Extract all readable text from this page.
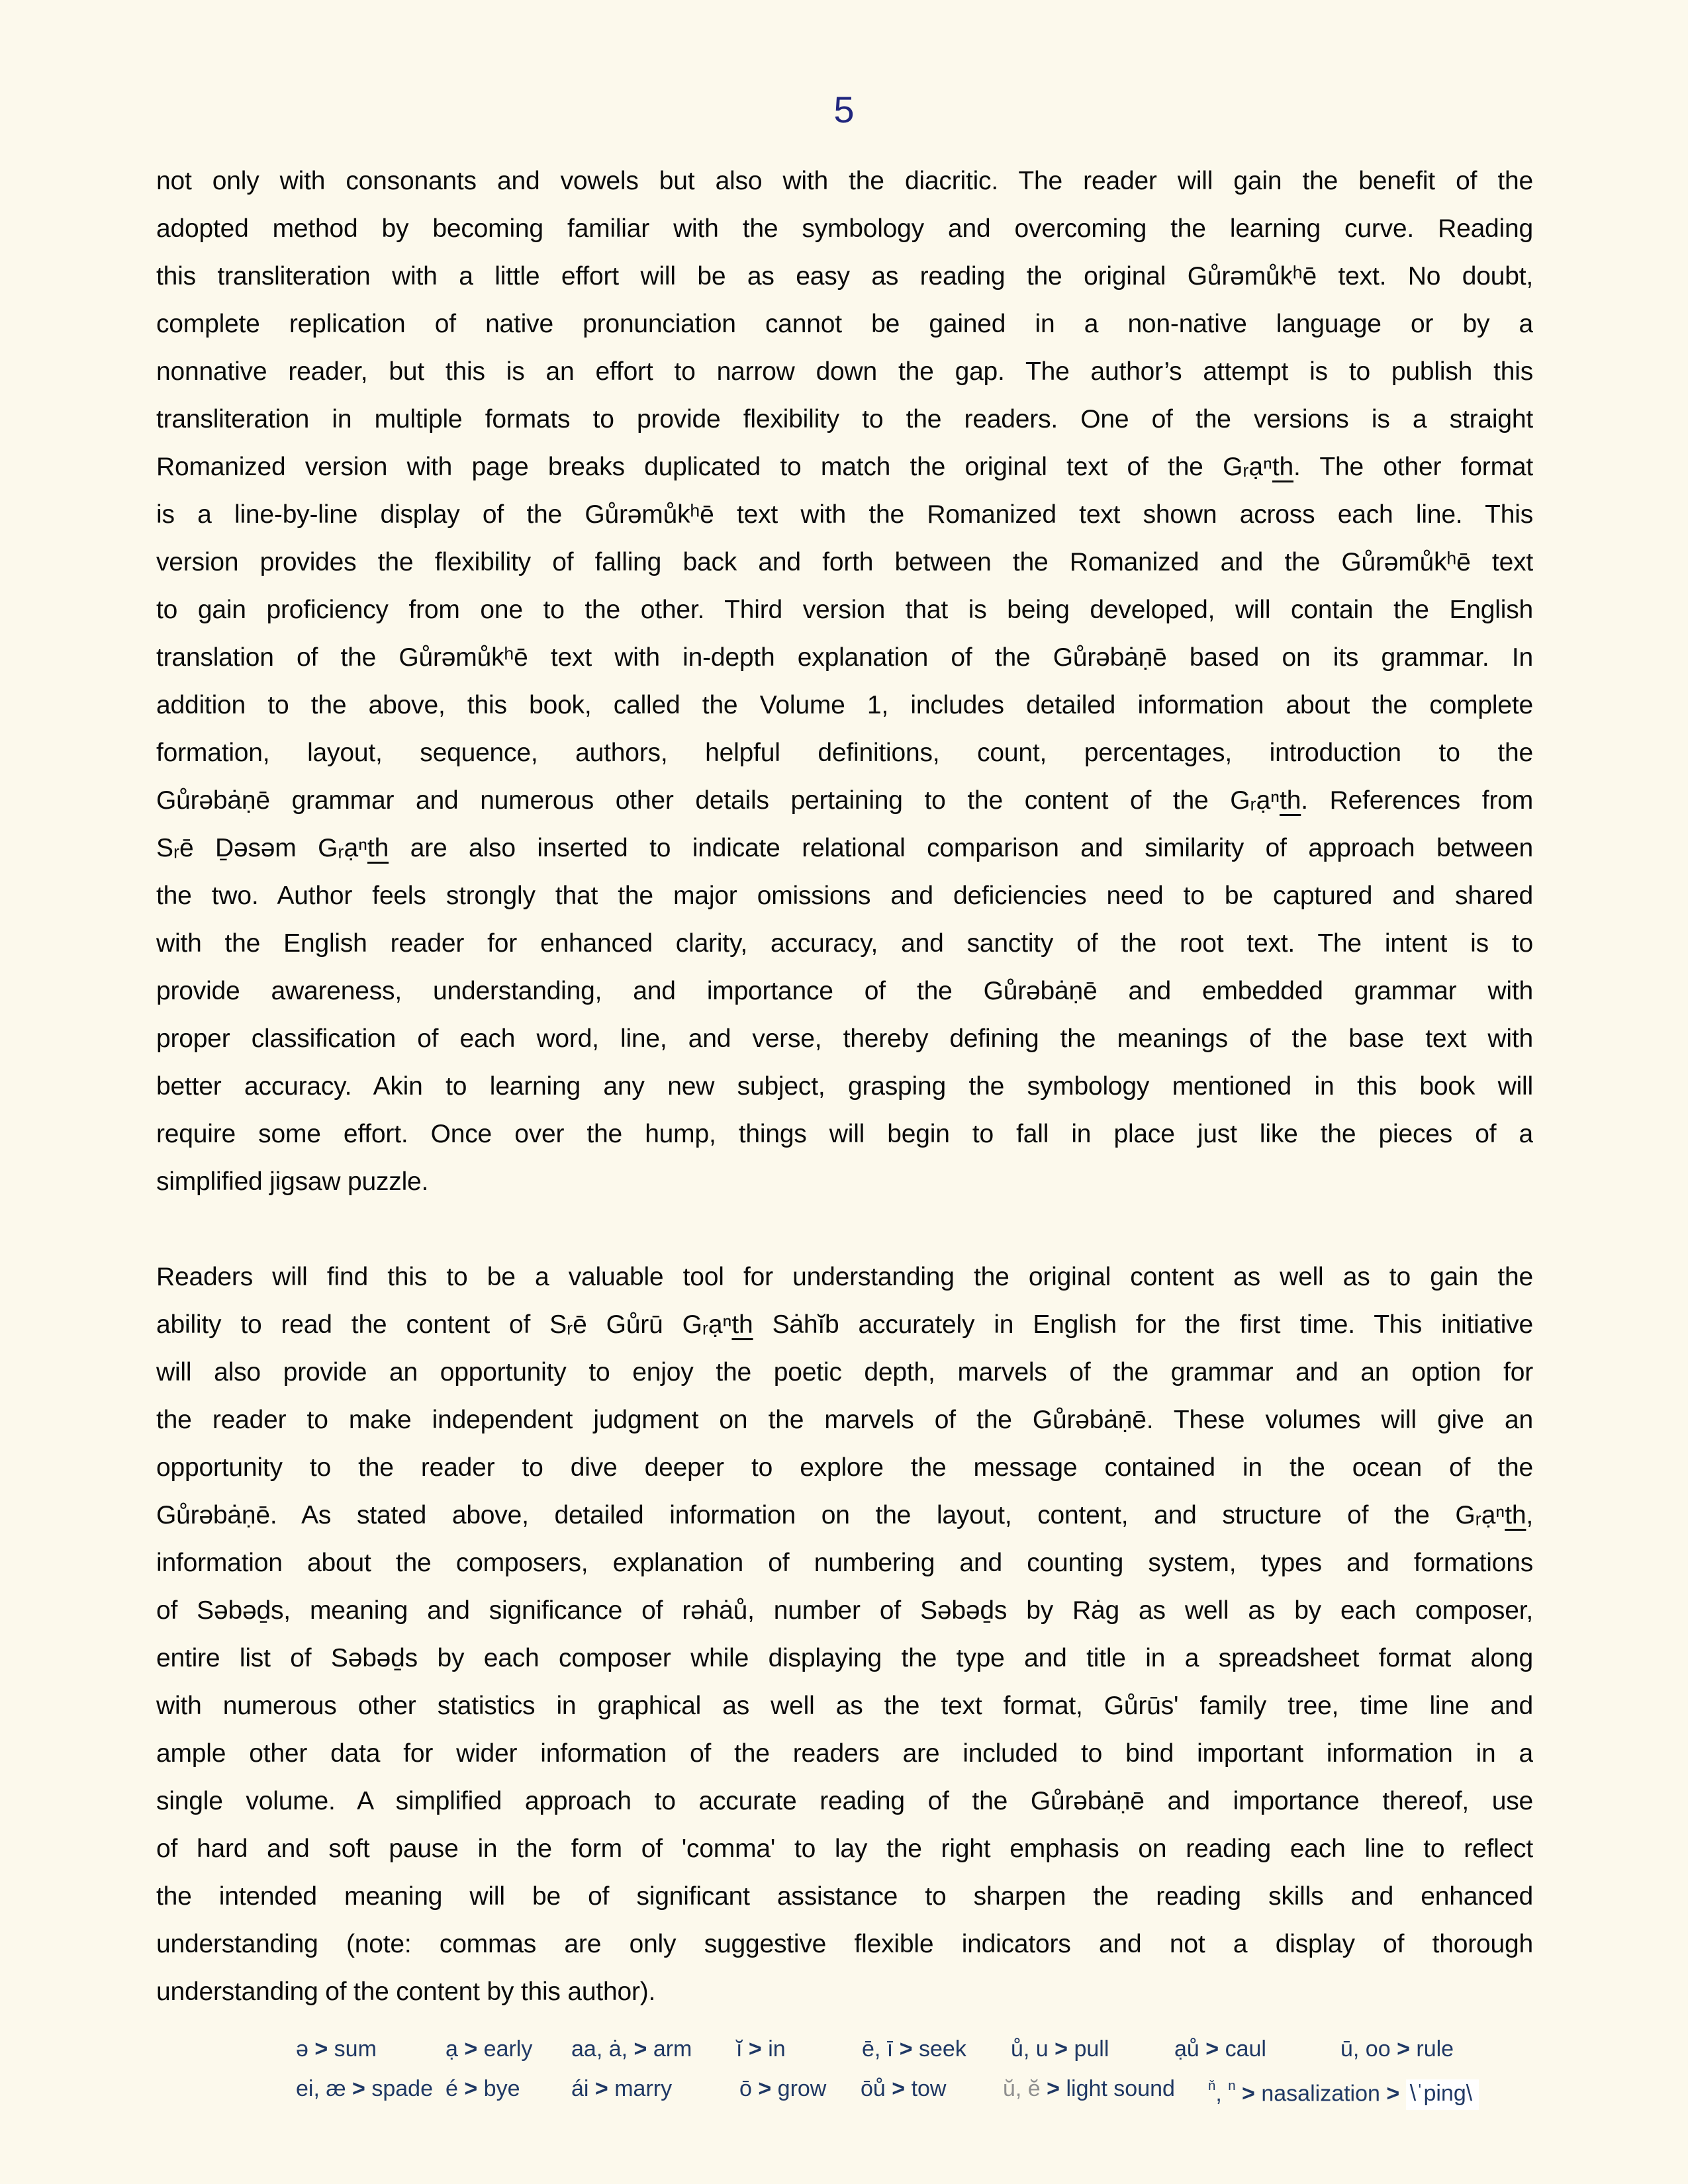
5
not only with consonants and vowels but also with the diacritic. The reader will gain the benefit of the
adopted method by becoming familiar with the symbology and overcoming the learning curve. Reading
this transliteration with a little effort will be as easy as reading the original Gůrəmůkʰē text. No doubt,
complete replication of native pronunciation cannot be gained in a non-native language or by a
nonnative reader, but this is an effort to narrow down the gap. The author’s attempt is to publish this
transliteration in multiple formats to provide flexibility to the readers. One of the versions is a straight
Romanized version with page breaks duplicated to match the original text of the Gᵣạⁿth. The other format
is a line-by-line display of the Gůrəmůkʰē text with the Romanized text shown across each line. This
version provides the flexibility of falling back and forth between the Romanized and the Gůrəmůkʰē text
to gain proficiency from one to the other. Third version that is being developed, will contain the English
translation of the Gůrəmůkʰē text with in-depth explanation of the Gůrəbȧṇē based on its grammar. In
addition to the above, this book, called the Volume 1, includes detailed information about the complete
formation, layout, sequence, authors, helpful definitions, count, percentages, introduction to the
Gůrəbȧṇē grammar and numerous other details pertaining to the content of the Gᵣạⁿth. References from
Sᵣē Ḏəsəm Gᵣạⁿth are also inserted to indicate relational comparison and similarity of approach between
the two. Author feels strongly that the major omissions and deficiencies need to be captured and shared
with the English reader for enhanced clarity, accuracy, and sanctity of the root text. The intent is to
provide awareness, understanding, and importance of the Gůrəbȧṇē and embedded grammar with
proper classification of each word, line, and verse, thereby defining the meanings of the base text with
better accuracy. Akin to learning any new subject, grasping the symbology mentioned in this book will
require some effort. Once over the hump, things will begin to fall in place just like the pieces of a
simplified jigsaw puzzle.
Readers will find this to be a valuable tool for understanding the original content as well as to gain the
ability to read the content of Sᵣē Gůrū Gᵣạⁿth Sȧhĭb accurately in English for the first time. This initiative
will also provide an opportunity to enjoy the poetic depth, marvels of the grammar and an option for
the reader to make independent judgment on the marvels of the Gůrəbȧṇē. These volumes will give an
opportunity to the reader to dive deeper to explore the message contained in the ocean of the
Gůrəbȧṇē. As stated above, detailed information on the layout, content, and structure of the Gᵣạⁿth,
information about the composers, explanation of numbering and counting system, types and formations
of Səbəḏs, meaning and significance of rəhȧů, number of Səbəḏs by Rȧg as well as by each composer,
entire list of Səbəḏs by each composer while displaying the type and title in a spreadsheet format along
with numerous other statistics in graphical as well as the text format, Gůrūs' family tree, time line and
ample other data for wider information of the readers are included to bind important information in a
single volume. A simplified approach to accurate reading of the Gůrəbȧṇē and importance thereof, use
of hard and soft pause in the form of 'comma' to lay the right emphasis on reading each line to reflect
the intended meaning will be of significant assistance to sharpen the reading skills and enhanced
understanding (note: commas are only suggestive flexible indicators and not a display of thorough
understanding of the content by this author).
ə > sum	ạ > early aa, ȧ, > arm ĭ > in	ē, ī > seek ů, u > pull	ạů > caul	ū, oo > rule
ei, æ > spade é > bye ái > marry	ō > grow ōů > tow	ŭ, ĕ > light sound $^ň$, $^n$ > nasalization > \ˈping\
